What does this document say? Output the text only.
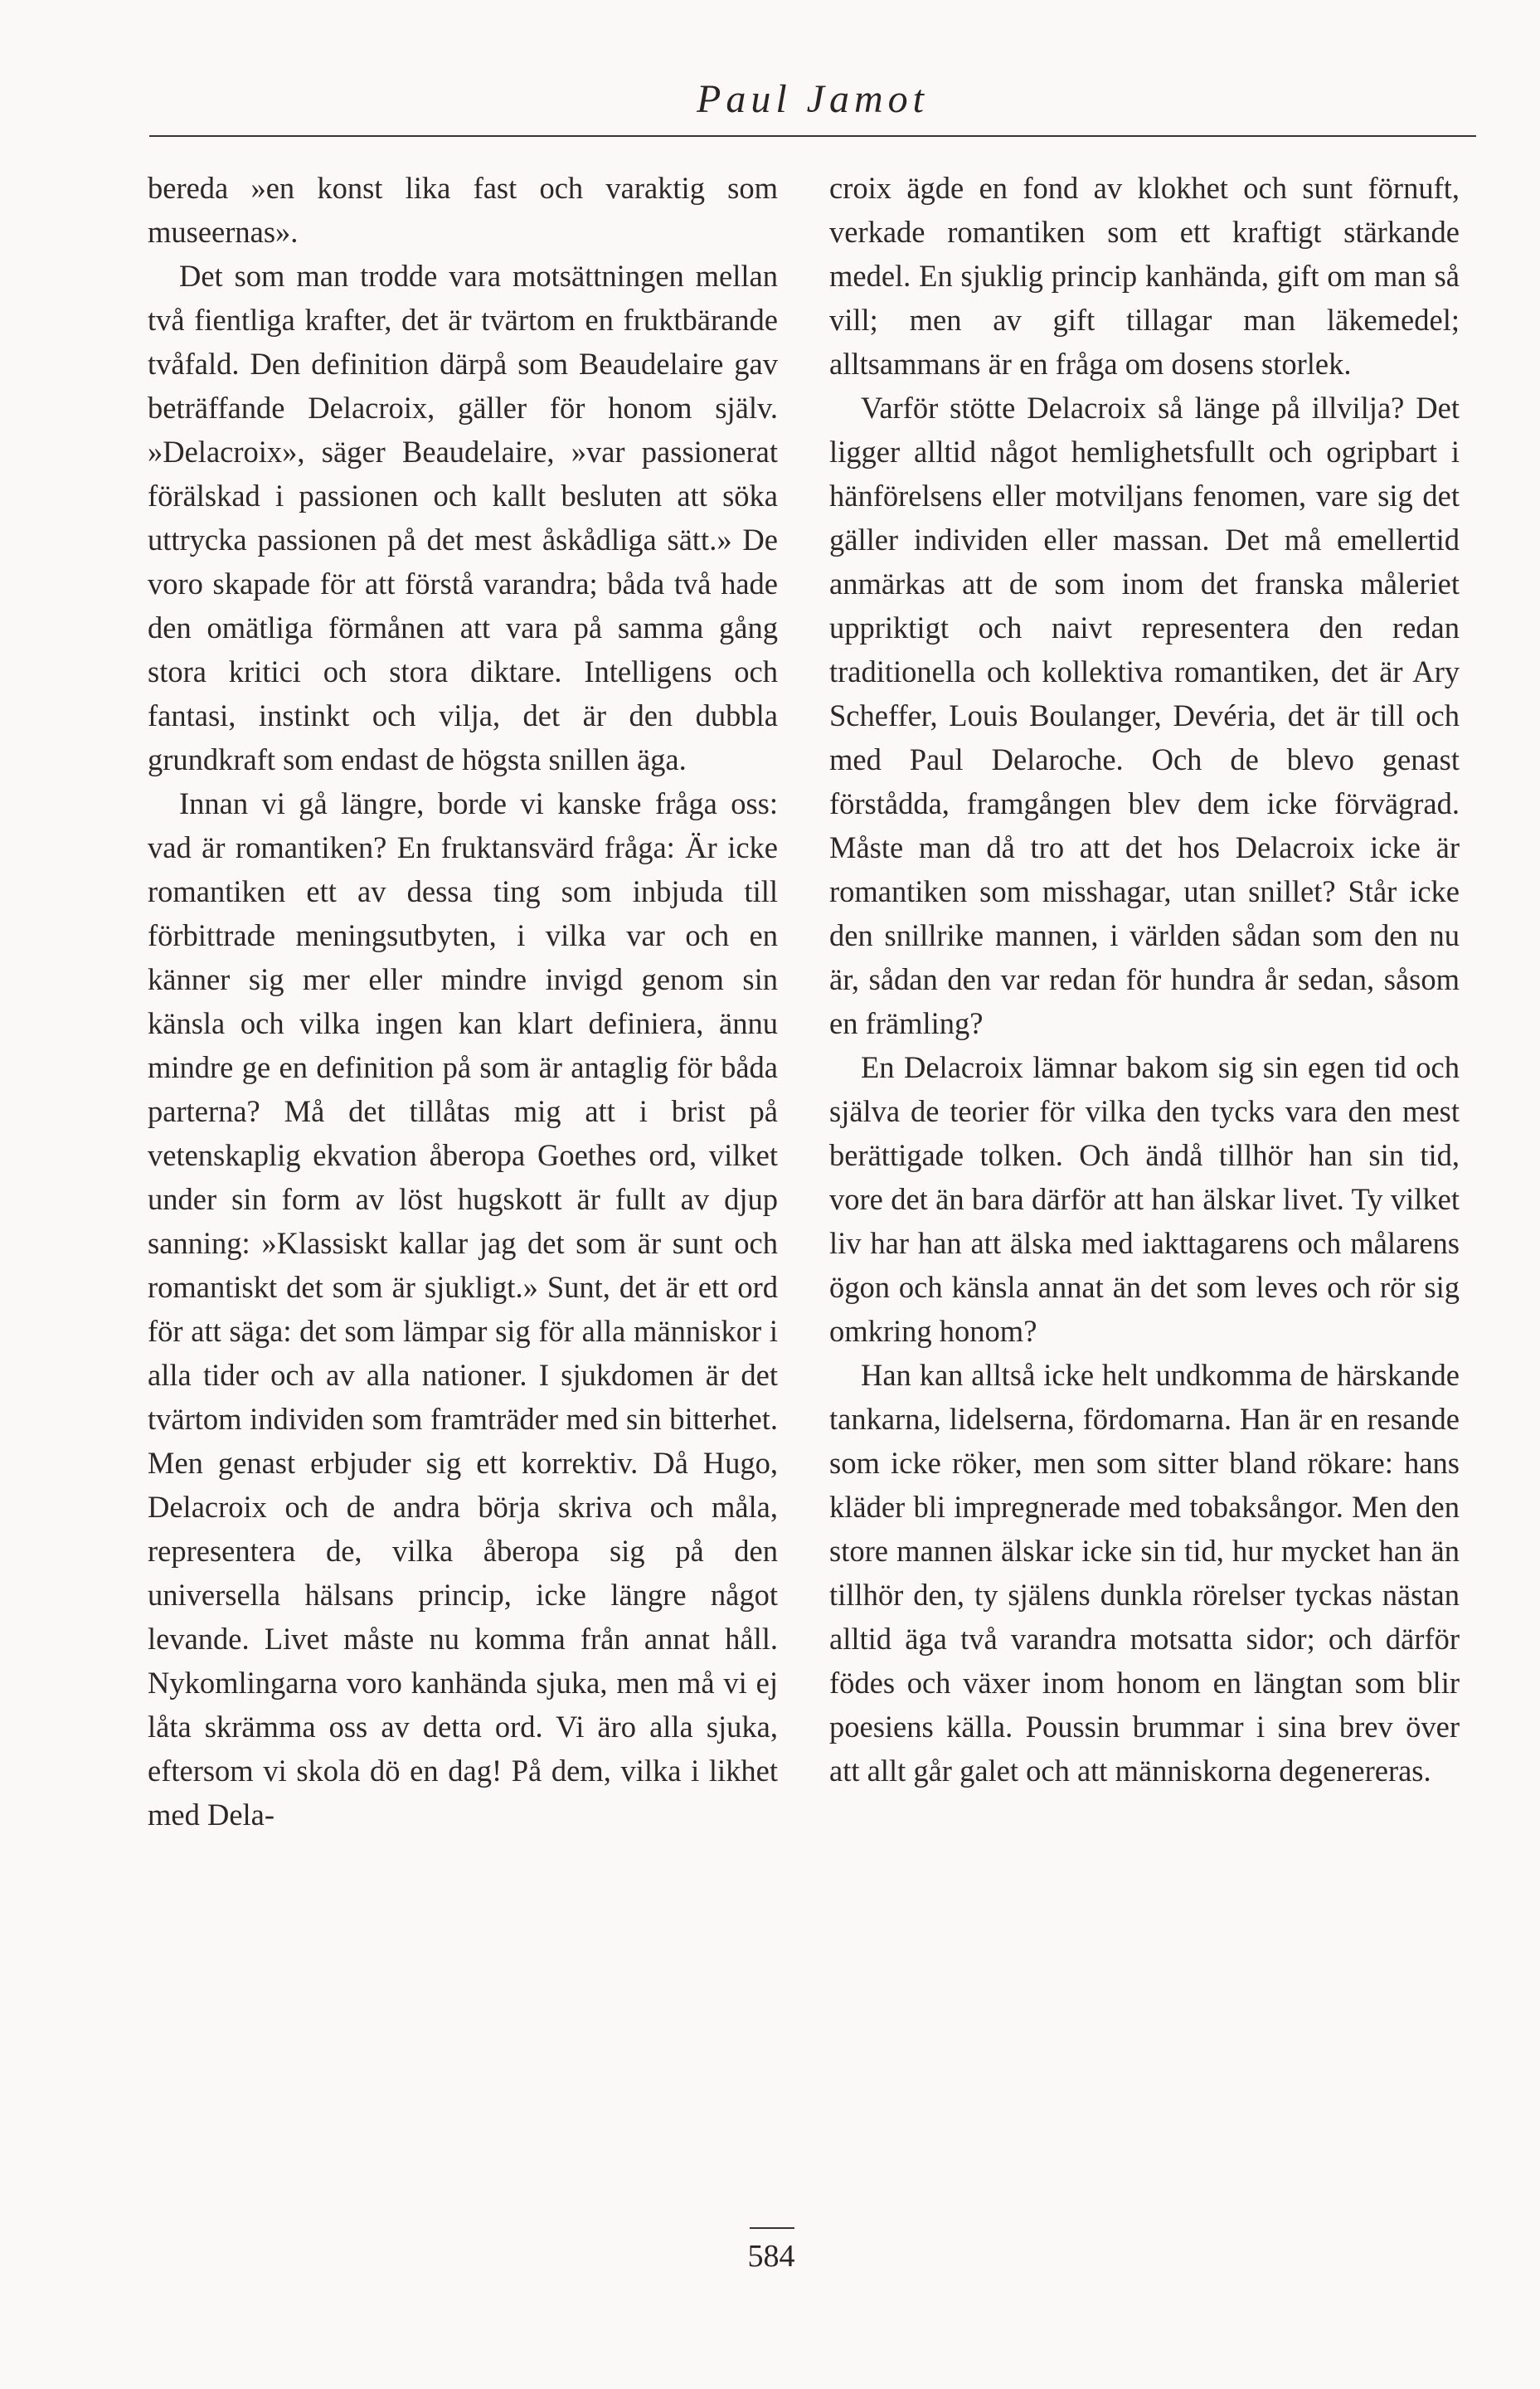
Paul Jamot

bereda »en konst lika fast och varaktig som museernas».

Det som man trodde vara motsättningen mellan två fientliga krafter, det är tvärtom en fruktbärande tvåfald. Den definition därpå som Beaudelaire gav beträffande Delacroix, gäller för honom själv. »Delacroix», säger Beaudelaire, »var passionerat förälskad i passionen och kallt besluten att söka uttrycka passionen på det mest åskådliga sätt.» De voro skapade för att förstå varandra; båda två hade den omätliga förmånen att vara på samma gång stora kritici och stora diktare. Intelligens och fantasi, instinkt och vilja, det är den dubbla grundkraft som endast de högsta snillen äga.

Innan vi gå längre, borde vi kanske fråga oss: vad är romantiken? En fruktansvärd fråga: Är icke romantiken ett av dessa ting som inbjuda till förbittrade meningsutbyten, i vilka var och en känner sig mer eller mindre invigd genom sin känsla och vilka ingen kan klart definiera, ännu mindre ge en definition på som är antaglig för båda parterna? Må det tillåtas mig att i brist på vetenskaplig ekvation åberopa Goethes ord, vilket under sin form av löst hugskott är fullt av djup sanning: »Klassiskt kallar jag det som är sunt och romantiskt det som är sjukligt.» Sunt, det är ett ord för att säga: det som lämpar sig för alla människor i alla tider och av alla nationer. I sjukdomen är det tvärtom individen som framträder med sin bitterhet. Men genast erbjuder sig ett korrektiv. Då Hugo, Delacroix och de andra börja skriva och måla, representera de, vilka åberopa sig på den universella hälsans princip, icke längre något levande. Livet måste nu komma från annat håll. Nykomlingarna voro kanhända sjuka, men må vi ej låta skrämma oss av detta ord. Vi äro alla sjuka, eftersom vi skola dö en dag! På dem, vilka i likhet med Dela-

croix ägde en fond av klokhet och sunt förnuft, verkade romantiken som ett kraftigt stärkande medel. En sjuklig princip kanhända, gift om man så vill; men av gift tillagar man läkemedel; alltsammans är en fråga om dosens storlek.

Varför stötte Delacroix så länge på illvilja? Det ligger alltid något hemlighetsfullt och ogripbart i hänförelsens eller motviljans fenomen, vare sig det gäller individen eller massan. Det må emellertid anmärkas att de som inom det franska måleriet uppriktigt och naivt representera den redan traditionella och kollektiva romantiken, det är Ary Scheffer, Louis Boulanger, Devéria, det är till och med Paul Delaroche. Och de blevo genast förstådda, framgången blev dem icke förvägrad. Måste man då tro att det hos Delacroix icke är romantiken som misshagar, utan snillet? Står icke den snillrike mannen, i världen sådan som den nu är, sådan den var redan för hundra år sedan, såsom en främling?

En Delacroix lämnar bakom sig sin egen tid och själva de teorier för vilka den tycks vara den mest berättigade tolken. Och ändå tillhör han sin tid, vore det än bara därför att han älskar livet. Ty vilket liv har han att älska med iakttagarens och målarens ögon och känsla annat än det som leves och rör sig omkring honom?

Han kan alltså icke helt undkomma de härskande tankarna, lidelserna, fördomarna. Han är en resande som icke röker, men som sitter bland rökare: hans kläder bli impregnerade med tobaksångor. Men den store mannen älskar icke sin tid, hur mycket han än tillhör den, ty själens dunkla rörelser tyckas nästan alltid äga två varandra motsatta sidor; och därför födes och växer inom honom en längtan som blir poesiens källa. Poussin brummar i sina brev över att allt går galet och att människorna degenereras.

584
